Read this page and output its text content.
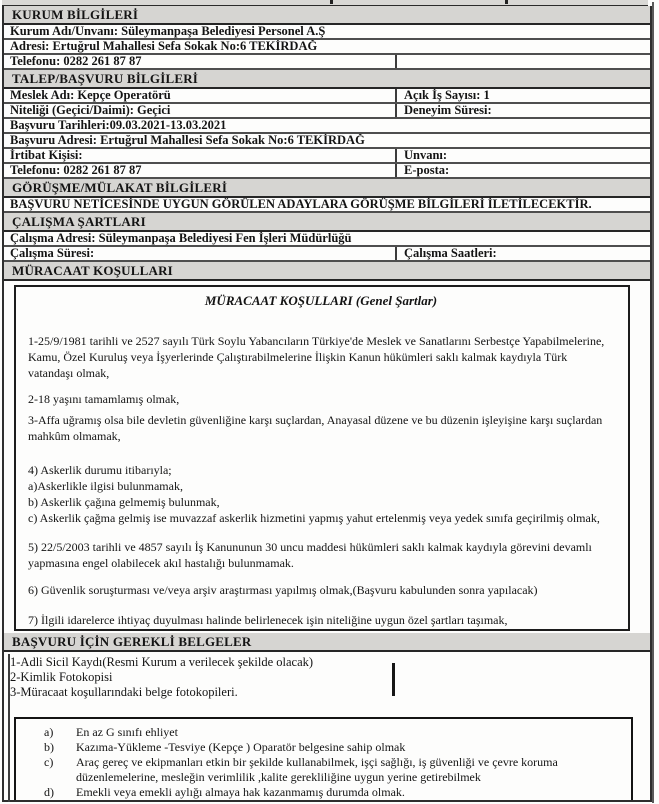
KURUM BİLGİLERİ
Kurum Adı/Unvanı: Süleymanpaşa Belediyesi Personel A.Ş
Adresi: Ertuğrul Mahallesi Sefa Sokak No:6 TEKİRDAĞ
Telefonu: 0282 261 87 87
TALEP/BAŞVURU BİLGİLERİ
Meslek Adı: Kepçe Operatörü	Açık İş Sayısı: 1
Niteliği (Geçici/Daimi): Geçici	Deneyim Süresi:
Başvuru Tarihleri:09.03.2021-13.03.2021
Başvuru Adresi: Ertuğrul Mahallesi Sefa Sokak No:6 TEKİRDAĞ
İrtibat Kişisi:	Unvanı:
Telefonu: 0282 261 87 87	E-posta:
GÖRÜŞME/MÜLAKAT BİLGİLERİ
BAŞVURU NETİCESİNDE UYGUN GÖRÜLEN ADAYLARA GÖRÜŞME BİLGİLERİ İLETİLECEKTİR.
ÇALIŞMA ŞARTLARI
Çalışma Adresi: Süleymanpaşa Belediyesi Fen İşleri Müdürlüğü
Çalışma Süresi:	Çalışma Saatleri:
MÜRACAAT KOŞULLARI
MÜRACAAT KOŞULLARI (Genel Şartlar)

1-25/9/1981 tarihli ve 2527 sayılı Türk Soylu Yabancıların Türkiye'de Meslek ve Sanatlarını Serbestçe Yapabilmelerine, Kamu, Özel Kuruluş veya İşyerlerinde Çalıştırabilmelerine İlişkin Kanun hükümleri saklı kalmak kaydıyla Türk vatandaşı olmak,

2-18 yaşını tamamlamış olmak,

3-Affa uğramış olsa bile devletin güvenliğine karşı suçlardan, Anayasal düzene ve bu düzenin işleyişine karşı suçlardan mahkûm olmamak,

4) Askerlik durumu itibarıyla;

a)Askerlikle ilgisi bulunmamak,

b) Askerlik çağına gelmemiş bulunmak,

c) Askerlik çağma gelmiş ise muvazzaf askerlik hizmetini yapmış yahut ertelenmiş veya yedek sınıfa geçirilmiş olmak,

5) 22/5/2003 tarihli ve 4857 sayılı İş Kanununun 30 uncu maddesi hükümleri saklı kalmak kaydıyla görevini devamlı yapmasına engel olabilecek akıl hastalığı bulunmamak.

6) Güvenlik soruşturması ve/veya arşiv araştırması yapılmış olmak,(Başvuru kabulunden sonra yapılacak)

7) İlgili idarelerce ihtiyaç duyulması halinde belirlenecek işin niteliğine uygun özel şartları taşımak,

BAŞVURU İÇİN GEREKLİ BELGELER
1-Adli Sicil Kaydı(Resmi Kurum a verilecek şekilde olacak)
2-Kimlik Fotokopisi
3-Müracaat koşullarındaki belge fotokopileri.
a)	En az G sınıfı ehliyet
b)	Kazıma-Yükleme -Tesviye (Kepçe ) Oparatör belgesine sahip olmak
c)	Araç gereç ve ekipmanları etkin bir şekilde kullanabilmek, işçi sağlığı, iş güvenliği ve çevre koruma düzenlemelerine, mesleğin verimlilik ,kalite gerekliliğine uygun yerine getirebilmek
d)	Emekli veya emekli aylığı almaya hak kazanmamış durumda olmak.
